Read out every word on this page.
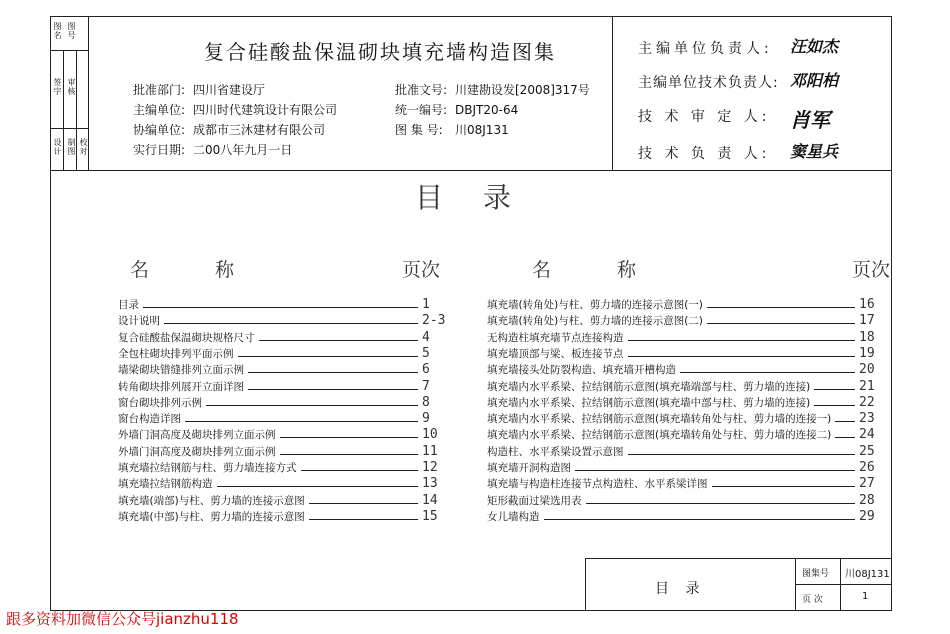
图名 图号
签字 审核
设计 制图 校对
复合硅酸盐保温砌块填充墙构造图集
批准部门: 四川省建设厅
主编单位: 四川时代建筑设计有限公司
协编单位: 成都市三沐建材有限公司
实行日期: 二00八年九月一日
批准文号: 川建勘设发[2008]317号
统一编号: DBJT20-64
图 集 号:	川08J131
主编单位负责人: 汪如杰
主编单位技术负责人: 邓阳柏
技 术 审 定 人: 肖军
技 术 负 责 人: 窦星兵
目录
名 称	页次	名 称	页次
目录	1
设计说明	2-3
复合硅酸盐保温砌块规格尺寸	4
全包柱砌块排列平面示例	5
墙梁砌块错缝排列立面示例	6
转角砌块排列展开立面详图	7
窗台砌块排列示例	8
窗台构造详图	9
外墙门洞高度及砌块排列立面示例	10
外墙门洞高度及砌块排列立面示例	11
填充墙拉结钢筋与柱、剪力墙连接方式	12
填充墙拉结钢筋构造	13
填充墙(端部)与柱、剪力墙的连接示意图	14
填充墙(中部)与柱、剪力墙的连接示意图	15
填充墙(转角处)与柱、剪力墙的连接示意图(一)	16
填充墙(转角处)与柱、剪力墙的连接示意图(二)	17
无构造柱填充墙节点连接构造	18
填充墙顶部与梁、板连接节点	19
填充墙接头处防裂构造、填充墙开槽构造	20
填充墙内水平系梁、拉结钢筋示意图(填充墙端部与柱、剪力墙的连接)	21
填充墙内水平系梁、拉结钢筋示意图(填充墙中部与柱、剪力墙的连接)	22
填充墙内水平系梁、拉结钢筋示意图(填充墙转角处与柱、剪力墙的连接一) 23
填充墙内水平系梁、拉结钢筋示意图(填充墙转角处与柱、剪力墙的连接二) 24
构造柱、水平系梁设置示意图	25
填充墙开洞构造图	26
填充墙与构造柱连接节点构造柱、水平系梁详图	27
矩形截面过梁选用表	28
女儿墙构造	29
目 录
图集号 川08J131
页 次	1
跟多资料加微信公众号jianzhu118
